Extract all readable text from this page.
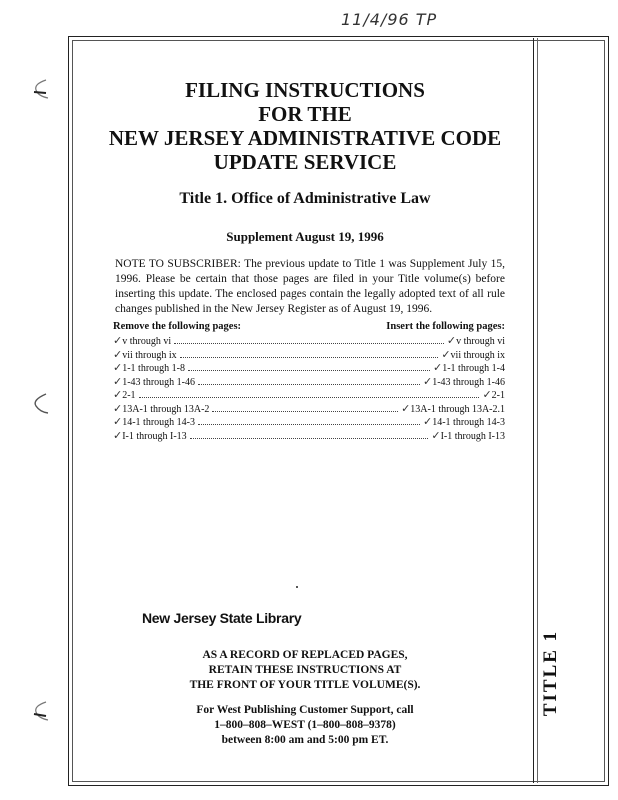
11/4/96 TP
TITLE 1
FILING INSTRUCTIONS
FOR THE
NEW JERSEY ADMINISTRATIVE CODE
UPDATE SERVICE
Title 1. Office of Administrative Law
Supplement August 19, 1996
NOTE TO SUBSCRIBER: The previous update to Title 1 was Supplement July 15, 1996. Please be certain that those pages are filed in your Title volume(s) before inserting this update. The enclosed pages contain the legally adopted text of all rule changes published in the New Jersey Register as of August 19, 1996.
Remove the following pages:	Insert the following pages:
✓v through vi	✓v through vi
✓vii through ix	✓vii through ix
✓1-1 through 1-8	✓1-1 through 1-4
✓1-43 through 1-46	✓1-43 through 1-46
✓2-1	✓2-1
✓13A-1 through 13A-2	✓13A-1 through 13A-2.1
✓14-1 through 14-3	✓14-1 through 14-3
✓I-1 through I-13	✓I-1 through I-13
New Jersey State Library
AS A RECORD OF REPLACED PAGES,
RETAIN THESE INSTRUCTIONS AT
THE FRONT OF YOUR TITLE VOLUME(S).
For West Publishing Customer Support, call
1–800–808–WEST (1–800–808–9378)
between 8:00 am and 5:00 pm ET.
